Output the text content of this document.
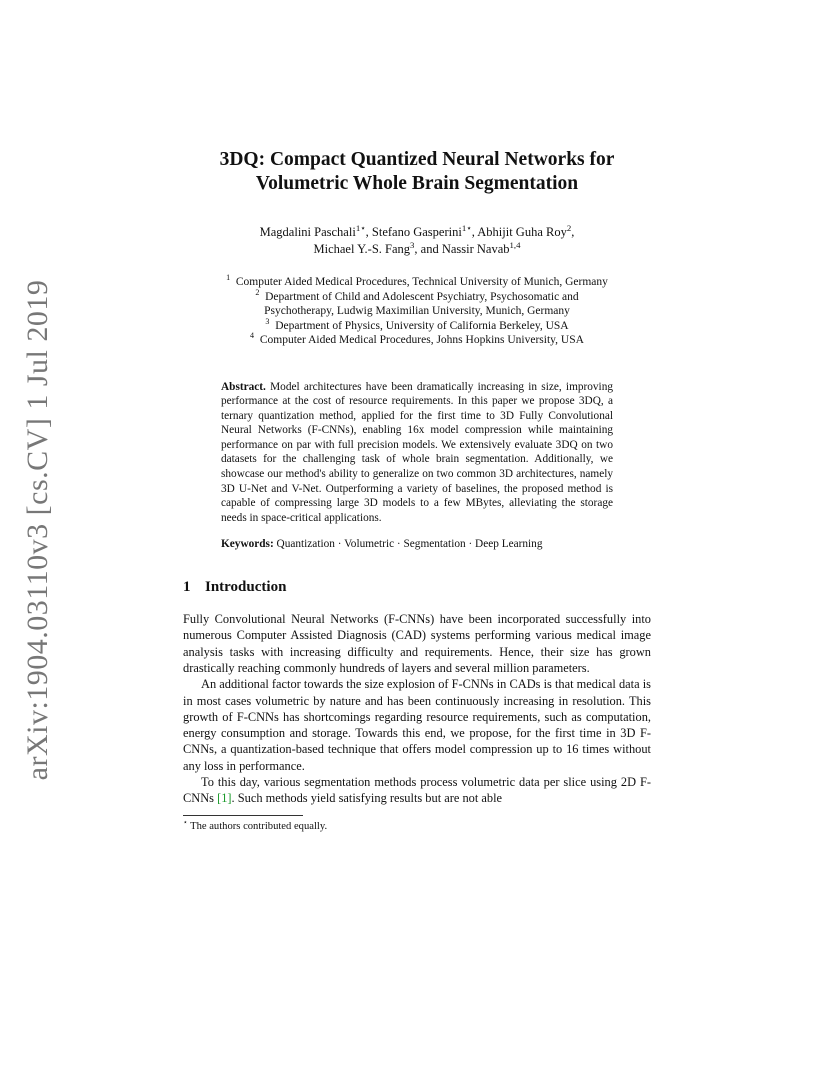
arXiv:1904.03110v3 [cs.CV] 1 Jul 2019
3DQ: Compact Quantized Neural Networks for
Volumetric Whole Brain Segmentation
Magdalini Paschali$^{1⋆}$, Stefano Gasperini$^{1⋆}$, Abhijit Guha Roy$^2$,
Michael Y.-S. Fang$^3$, and Nassir Navab$^{1,4}$
$^1$ Computer Aided Medical Procedures, Technical University of Munich, Germany
$^2$ Department of Child and Adolescent Psychiatry, Psychosomatic and
Psychotherapy, Ludwig Maximilian University, Munich, Germany
$^3$ Department of Physics, University of California Berkeley, USA
$^4$ Computer Aided Medical Procedures, Johns Hopkins University, USA
Abstract. Model architectures have been dramatically increasing in size, improving performance at the cost of resource requirements. In this paper we propose 3DQ, a ternary quantization method, applied for the first time to 3D Fully Convolutional Neural Networks (F-CNNs), enabling 16x model compression while maintaining performance on par with full precision models. We extensively evaluate 3DQ on two datasets for the challenging task of whole brain segmentation. Additionally, we showcase our method's ability to generalize on two common 3D architectures, namely 3D U-Net and V-Net. Outperforming a variety of baselines, the proposed method is capable of compressing large 3D models to a few MBytes, alleviating the storage needs in space-critical applications.
Keywords: Quantization · Volumetric · Segmentation · Deep Learning
1 Introduction

Fully Convolutional Neural Networks (F-CNNs) have been incorporated successfully into numerous Computer Assisted Diagnosis (CAD) systems performing various medical image analysis tasks with increasing difficulty and requirements. Hence, their size has grown drastically reaching commonly hundreds of layers and several million parameters.

An additional factor towards the size explosion of F-CNNs in CADs is that medical data is in most cases volumetric by nature and has been continuously increasing in resolution. This growth of F-CNNs has shortcomings regarding resource requirements, such as computation, energy consumption and storage. Towards this end, we propose, for the first time in 3D F-CNNs, a quantization-based technique that offers model compression up to 16 times without any loss in performance.

To this day, various segmentation methods process volumetric data per slice using 2D F-CNNs [1]. Such methods yield satisfying results but are not able

⋆ The authors contributed equally.
